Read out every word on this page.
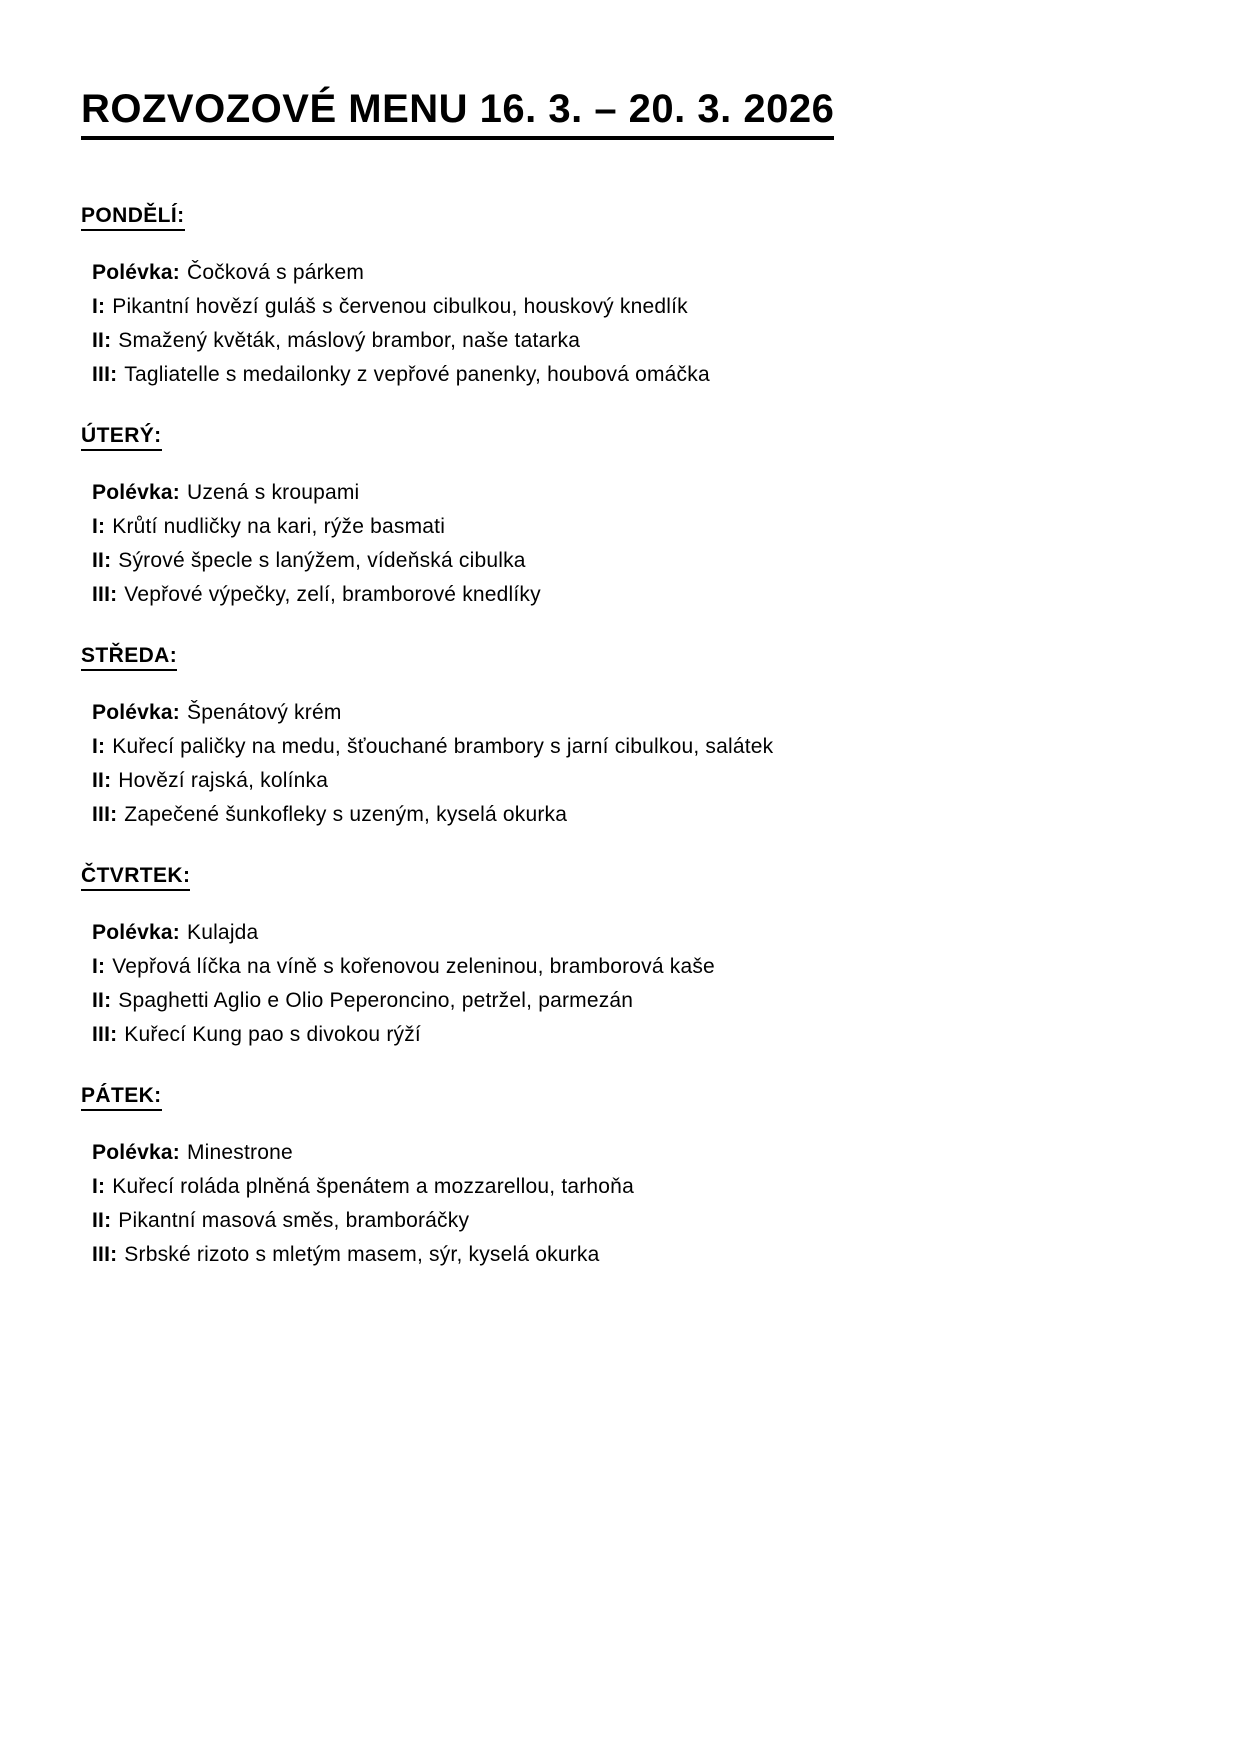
ROZVOZOVÉ MENU 16. 3. – 20. 3. 2026
PONDĚLÍ:

Polévka: Čočková s párkem

I: Pikantní hovězí guláš s červenou cibulkou, houskový knedlík

II: Smažený květák, máslový brambor, naše tatarka

III: Tagliatelle s medailonky z vepřové panenky, houbová omáčka

ÚTERÝ:

Polévka: Uzená s kroupami

I: Krůtí nudličky na kari, rýže basmati

II: Sýrové špecle s lanýžem, vídeňská cibulka

III: Vepřové výpečky, zelí, bramborové knedlíky

STŘEDA:

Polévka: Špenátový krém

I: Kuřecí paličky na medu, šťouchané brambory s jarní cibulkou, salátek

II: Hovězí rajská, kolínka

III: Zapečené šunkofleky s uzeným, kyselá okurka

ČTVRTEK:

Polévka: Kulajda

I: Vepřová líčka na víně s kořenovou zeleninou, bramborová kaše

II: Spaghetti Aglio e Olio Peperoncino, petržel, parmezán

III: Kuřecí Kung pao s divokou rýží

PÁTEK:

Polévka: Minestrone

I: Kuřecí roláda plněná špenátem a mozzarellou, tarhoňa

II: Pikantní masová směs, bramboráčky

III: Srbské rizoto s mletým masem, sýr, kyselá okurka
